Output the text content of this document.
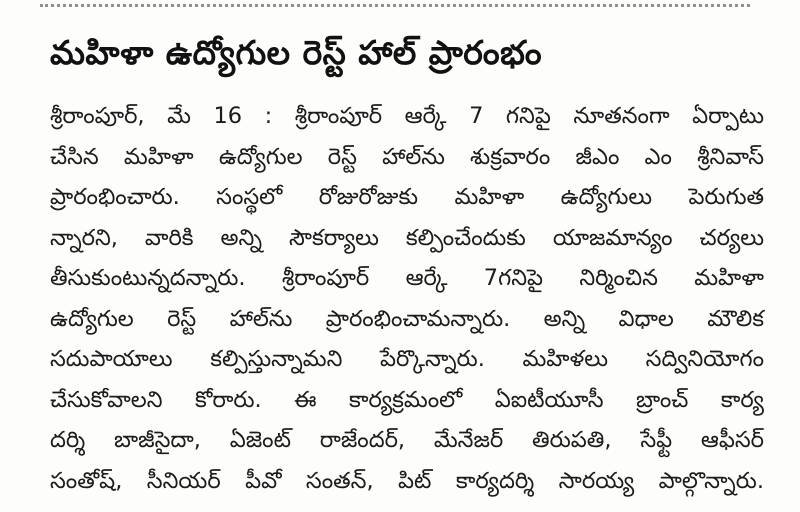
మహిళా ఉద్యోగుల రెస్ట్ హాల్ ప్రారంభం
శ్రీరాంపూర్, మే 16 : శ్రీరాంపూర్ ఆర్కే 7 గనిపై నూతనంగా ఏర్పాటు
చేసిన మహిళా ఉద్యోగుల రెస్ట్ హాల్‌ను శుక్రవారం జీఎం ఎం శ్రీనివాస్
ప్రారంభించారు. సంస్థలో రోజురోజుకు మహిళా ఉద్యోగులు పెరుగుత
న్నారని, వారికి అన్ని సౌకర్యాలు కల్పించేందుకు యాజమాన్యం చర్యలు
తీసుకుంటున్నదన్నారు. శ్రీరాంపూర్ ఆర్కే 7గనిపై నిర్మించిన మహిళా
ఉద్యోగుల రెస్ట్ హాల్‌ను ప్రారంభించామన్నారు. అన్ని విధాల మౌలిక
సదుపాయాలు కల్పిస్తున్నామని పేర్కొన్నారు. మహిళలు సద్వినియోగం
చేసుకోవాలని కోరారు. ఈ కార్యక్రమంలో ఏఐటీయూసీ బ్రాంచ్ కార్య
దర్శి బాజీసైదా, ఏజెంట్ రాజేందర్, మేనేజర్ తిరుపతి, సేఫ్టీ ఆఫీసర్
సంతోష్, సీనియర్ పీవో సంతన్, పిట్ కార్యదర్శి సారయ్య పాల్గొన్నారు.
